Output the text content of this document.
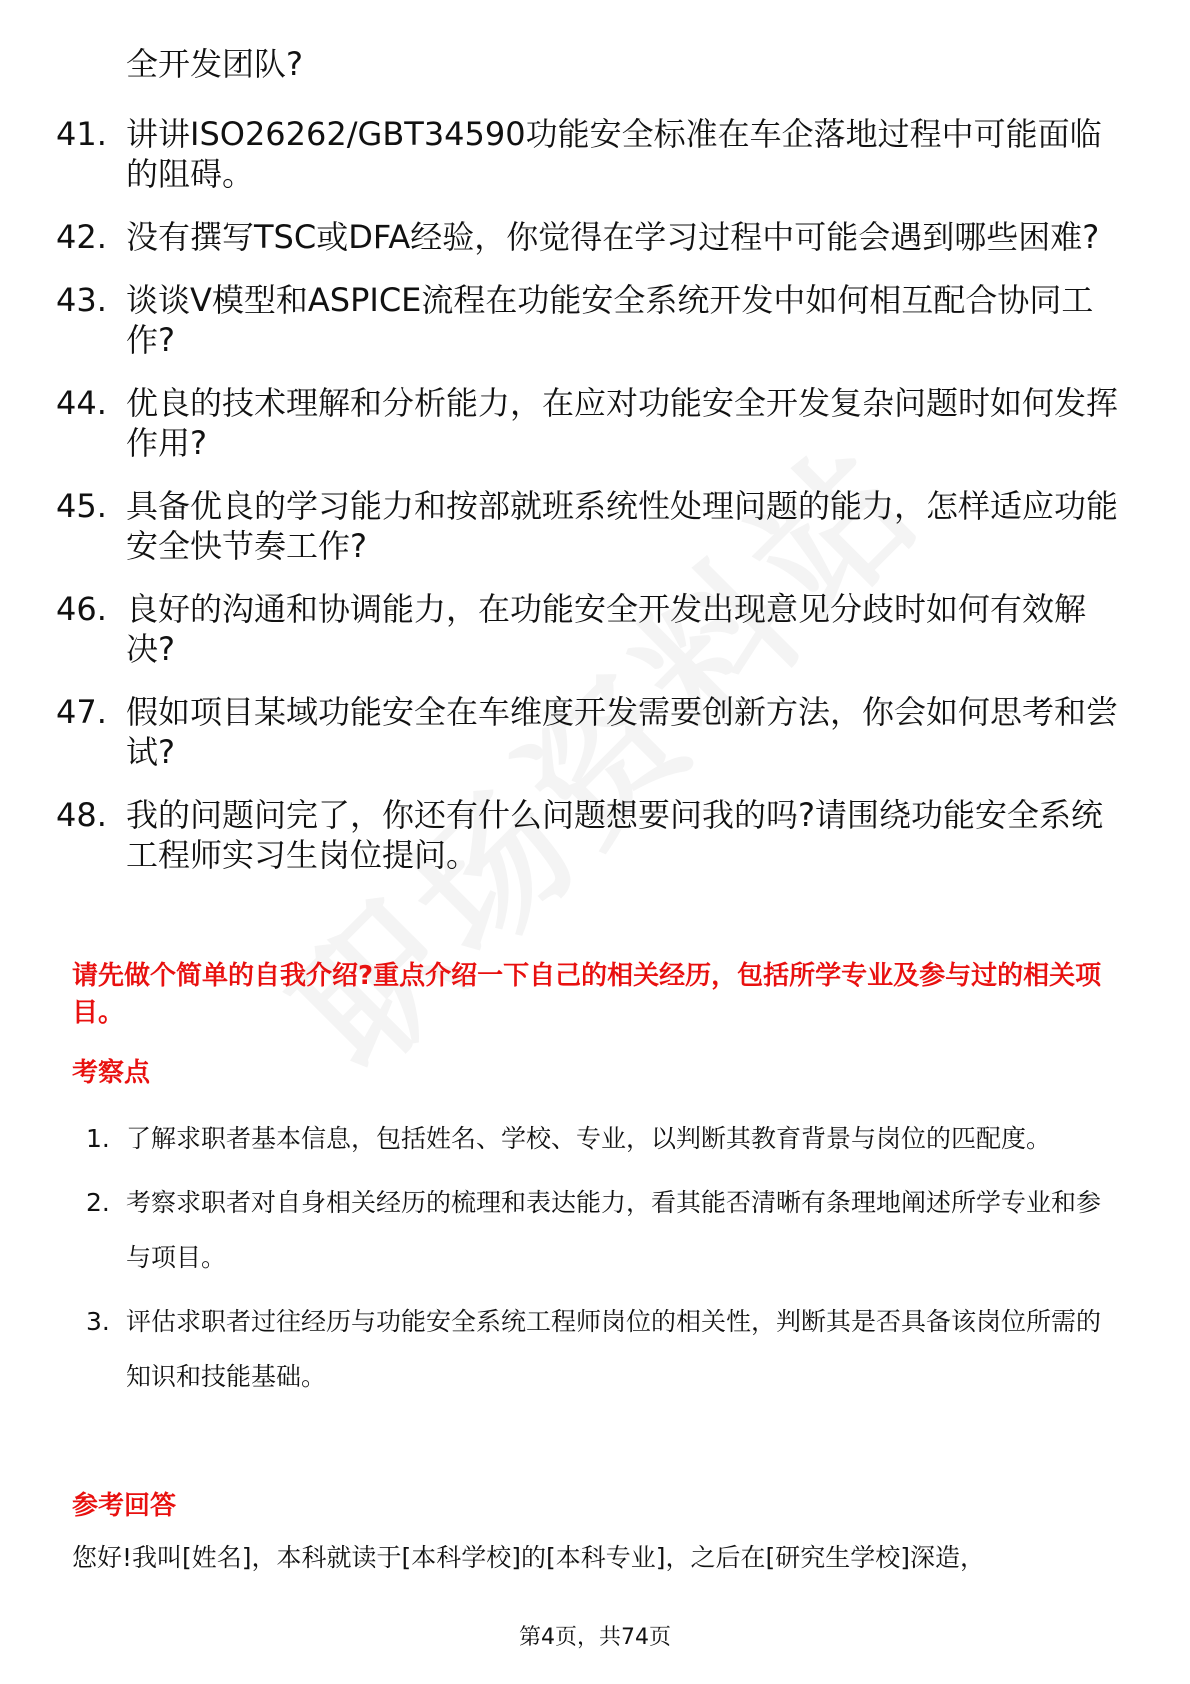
全开发团队?
41. 讲讲ISO26262/GBT34590功能安全标准在车企落地过程中可能面临的阻碍。
42. 没有撰写TSC或DFA经验，你觉得在学习过程中可能会遇到哪些困难?
43. 谈谈V模型和ASPICE流程在功能安全系统开发中如何相互配合协同工作?
44. 优良的技术理解和分析能力，在应对功能安全开发复杂问题时如何发挥作用?
45. 具备优良的学习能力和按部就班系统性处理问题的能力，怎样适应功能安全快节奏工作?
46. 良好的沟通和协调能力，在功能安全开发出现意见分歧时如何有效解决?
47. 假如项目某域功能安全在车维度开发需要创新方法，你会如何思考和尝试?
48. 我的问题问完了，你还有什么问题想要问我的吗?请围绕功能安全系统工程师实习生岗位提问。
请先做个简单的自我介绍?重点介绍一下自己的相关经历，包括所学专业及参与过的相关项目。
考察点
1. 了解求职者基本信息，包括姓名、学校、专业，以判断其教育背景与岗位的匹配度。
2. 考察求职者对自身相关经历的梳理和表达能力，看其能否清晰有条理地阐述所学专业和参与项目。
3. 评估求职者过往经历与功能安全系统工程师岗位的相关性，判断其是否具备该岗位所需的知识和技能基础。
参考回答
您好!我叫[姓名]，本科就读于[本科学校]的[本科专业]，之后在[研究生学校]深造，
第4页，共74页
